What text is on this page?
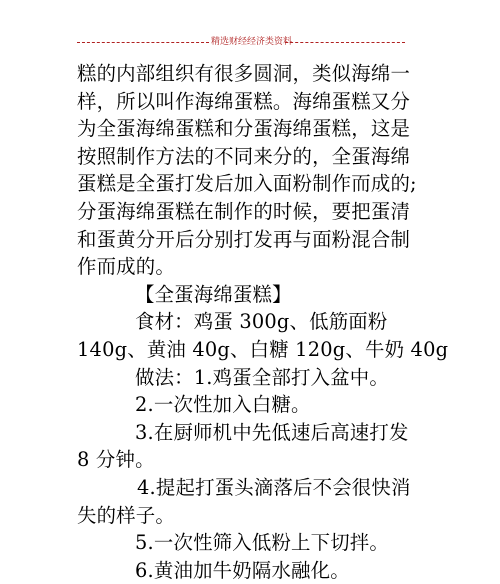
精选财经经济类资料
糕的内部组织有很多圆洞，类似海绵一
样，所以叫作海绵蛋糕。海绵蛋糕又分
为全蛋海绵蛋糕和分蛋海绵蛋糕，这是
按照制作方法的不同来分的，全蛋海绵
蛋糕是全蛋打发后加入面粉制作而成的;
分蛋海绵蛋糕在制作的时候，要把蛋清
和蛋黄分开后分别打发再与面粉混合制
作而成的。
【全蛋海绵蛋糕】
食材：鸡蛋 300g、低筋面粉
140g、黄油 40g、白糖 120g、牛奶 40g
做法：1.鸡蛋全部打入盆中。
2.一次性加入白糖。
3.在厨师机中先低速后高速打发
8 分钟。
4.提起打蛋头滴落后不会很快消
失的样子。
5.一次性筛入低粉上下切拌。
6.黄油加牛奶隔水融化。
